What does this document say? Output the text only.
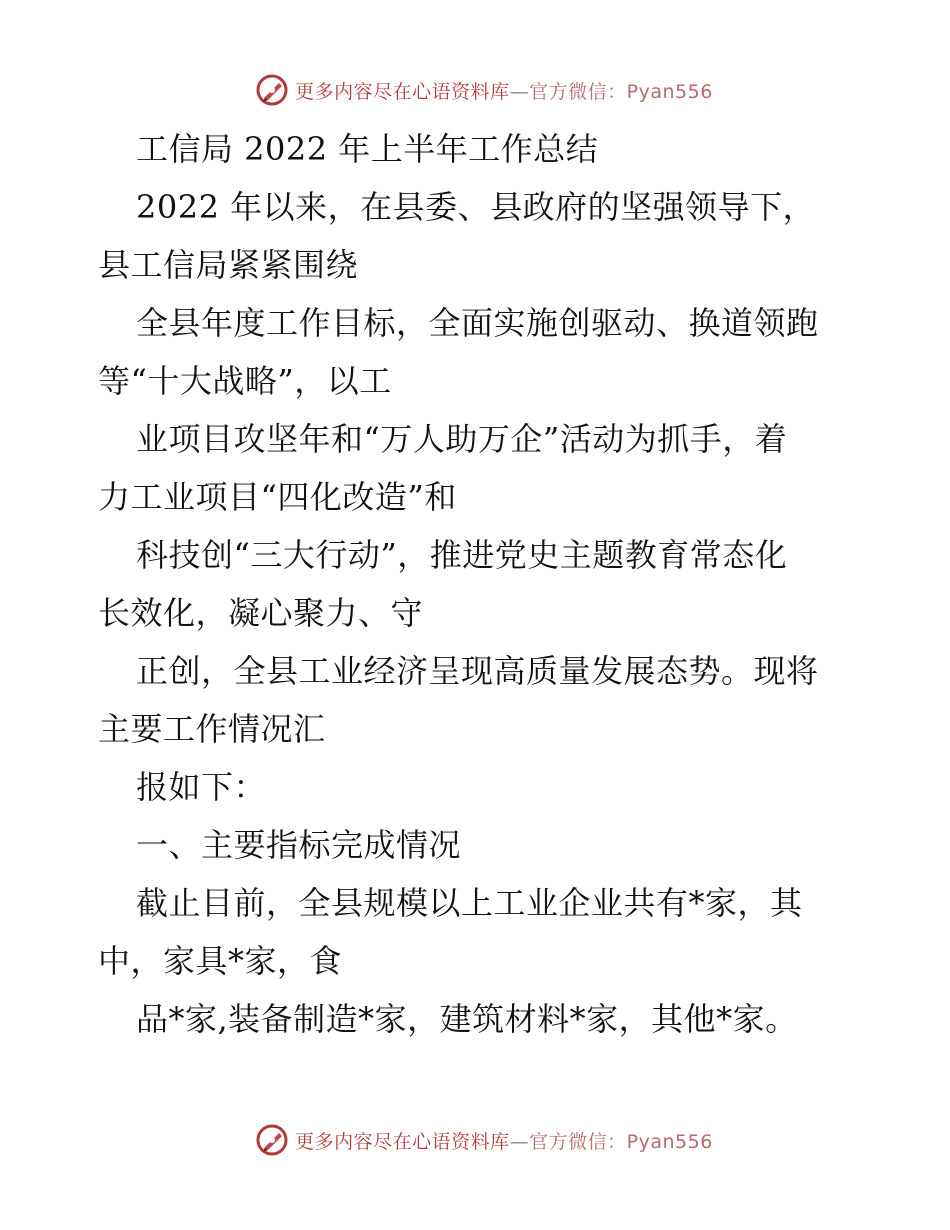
更多内容尽在心语资料库—官方微信：Pyan556
工信局 2022 年上半年工作总结
2022 年以来，在县委、县政府的坚强领导下，
县工信局紧紧围绕
全县年度工作目标，全面实施创驱动、换道领跑
等“十大战略”，以工
业项目攻坚年和“万人助万企”活动为抓手，着
力工业项目“四化改造”和
科技创“三大行动”，推进党史主题教育常态化
长效化，凝心聚力、守
正创，全县工业经济呈现高质量发展态势。现将
主要工作情况汇
报如下：
一、主要指标完成情况
截止目前，全县规模以上工业企业共有*家，其
中，家具*家，食
品*家,装备制造*家，建筑材料*家，其他*家。
更多内容尽在心语资料库—官方微信：Pyan556
